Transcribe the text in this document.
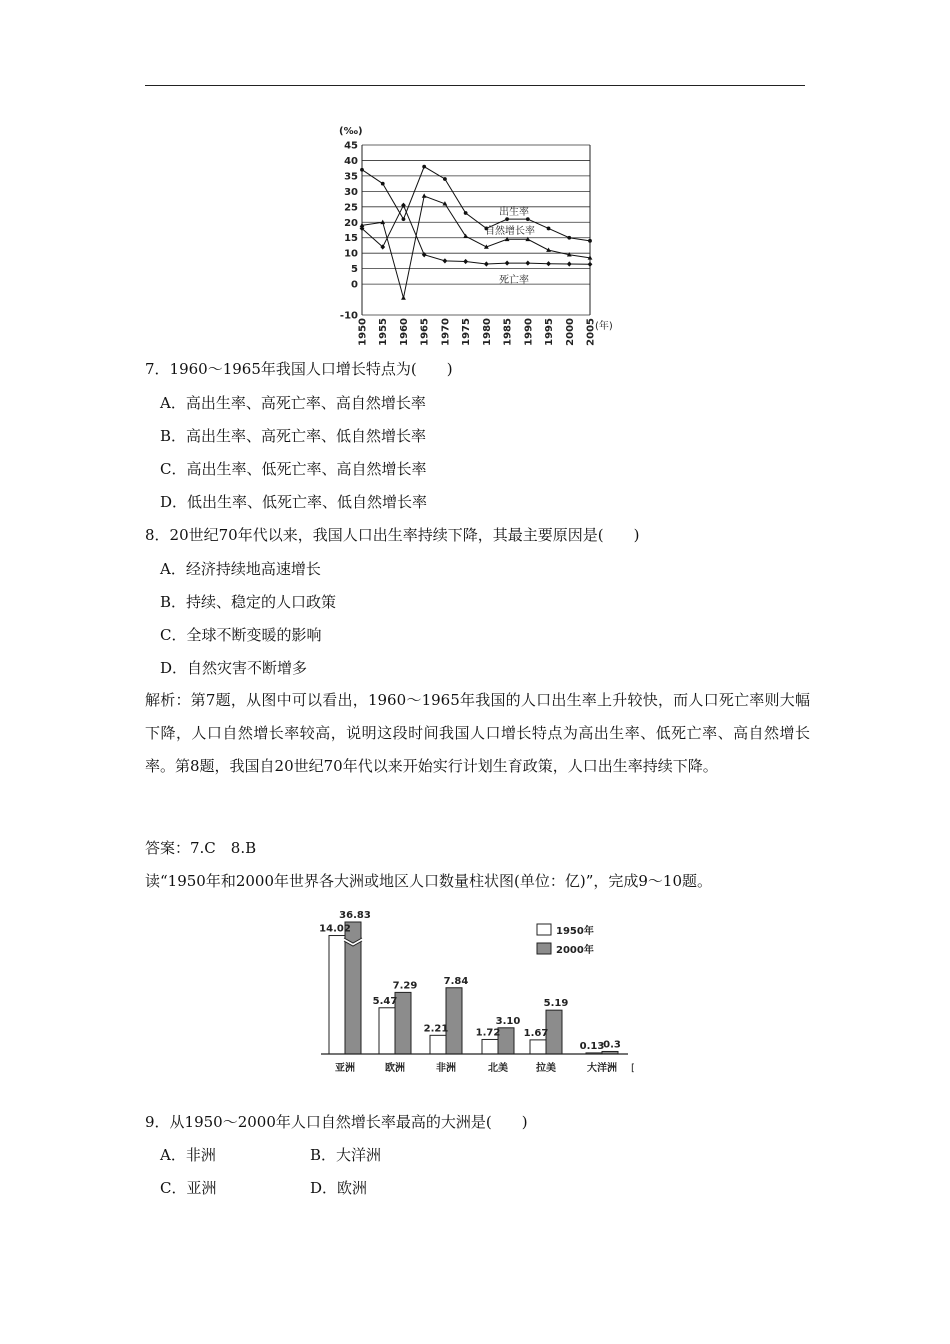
45
40
35
30
25
20
15
10
5
0
-10
1950 1955 1960 1965 1970 1975 1980 1985 1990 1995 2000 2005
(‰)
(年)
出生率
自然增长率
死亡率
7．1960～1965年我国人口增长特点为(　　)
A．高出生率、高死亡率、高自然增长率
B．高出生率、高死亡率、低自然增长率
C．高出生率、低死亡率、高自然增长率
D．低出生率、低死亡率、低自然增长率
8．20世纪70年代以来，我国人口出生率持续下降，其最主要原因是(　　)
A．经济持续地高速增长
B．持续、稳定的人口政策
C．全球不断变暖的影响
D．自然灾害不断增多

解析：第7题，从图中可以看出，1960～1965年我国的人口出生率上升较快，而人口死亡率则大幅下降，人口自然增长率较高，说明这段时间我国人口增长特点为高出生率、低死亡率、高自然增长率。第8题，我国自20世纪70年代以来开始实行计划生育政策，人口出生率持续下降。

答案：7.C　8.B
读“1950年和2000年世界各大洲或地区人口数量柱状图(单位：亿)”，完成9～10题。
14.02
36.83
5.47
7.29
2.21
7.84
1.72
3.10
1.67
5.19
0.13
0.3
亚洲	欧洲	非洲	北美	拉美	大洋洲
1950年
2000年
[
9．从1950～2000年人口自然增长率最高的大洲是(　　)
A．非洲	B．大洋洲
C．亚洲	D．欧洲
